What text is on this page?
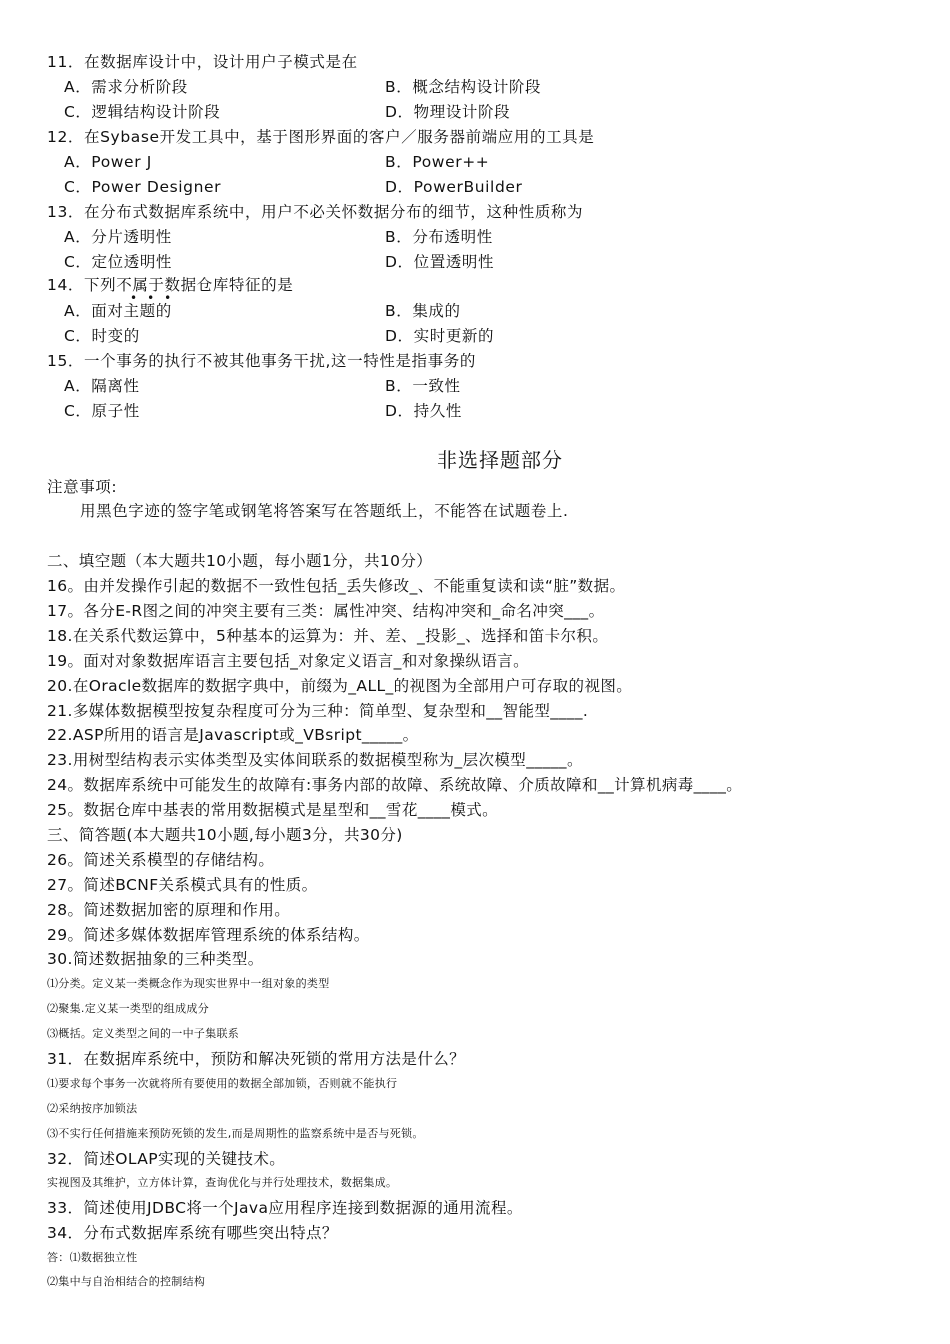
11．在数据库设计中，设计用户子模式是在
A．需求分析阶段	B．概念结构设计阶段
C．逻辑结构设计阶段	D．物理设计阶段
12．在Sybase开发工具中，基于图形界面的客户／服务器前端应用的工具是
A．Power J	B．Power++
C．Power Designer	D．PowerBuilder
13．在分布式数据库系统中，用户不必关怀数据分布的细节，这种性质称为
A．分片透明性	B．分布透明性
C．定位透明性	D．位置透明性
14．下列不属于数据仓库特征的是
•••
A．面对主题的	B．集成的
C．时变的	D．实时更新的
15．一个事务的执行不被其他事务干扰,这一特性是指事务的
A．隔离性	B．一致性
C．原子性	D．持久性
非选择题部分
注意事项:
用黑色字迹的签字笔或钢笔将答案写在答题纸上，不能答在试题卷上.
二、填空题（本大题共10小题，每小题1分，共10分）
16。由并发操作引起的数据不一致性包括_丢失修改_、不能重复读和读“脏”数据。
17。各分E-R图之间的冲突主要有三类：属性冲突、结构冲突和_命名冲突___。
18.在关系代数运算中，5种基本的运算为：并、差、_投影_、选择和笛卡尔积。
19。面对对象数据库语言主要包括_对象定义语言_和对象操纵语言。
20.在Oracle数据库的数据字典中，前缀为_ALL_的视图为全部用户可存取的视图。
21.多媒体数据模型按复杂程度可分为三种：简单型、复杂型和__智能型____.
22.ASP所用的语言是Javascript或_VBsript_____。
23.用树型结构表示实体类型及实体间联系的数据模型称为_层次模型_____。
24。数据库系统中可能发生的故障有:事务内部的故障、系统故障、介质故障和__计算机病毒____。
25。数据仓库中基表的常用数据模式是星型和__雪花____模式。
三、简答题(本大题共10小题,每小题3分，共30分)
26。简述关系模型的存储结构。
27。简述BCNF关系模式具有的性质。
28。简述数据加密的原理和作用。
29。简述多媒体数据库管理系统的体系结构。
30.简述数据抽象的三种类型。
⑴分类。定义某一类概念作为现实世界中一组对象的类型
⑵聚集.定义某一类型的组成成分
⑶概括。定义类型之间的一中子集联系
31．在数据库系统中，预防和解决死锁的常用方法是什么？
⑴要求每个事务一次就将所有要使用的数据全部加锁，否则就不能执行
⑵采纳按序加锁法
⑶不实行任何措施来预防死锁的发生,而是周期性的监察系统中是否与死锁。
32．简述OLAP实现的关键技术。
实视图及其维护，立方体计算，查询优化与并行处理技术，数据集成。
33．简述使用JDBC将一个Java应用程序连接到数据源的通用流程。
34．分布式数据库系统有哪些突出特点？
答：⑴数据独立性
⑵集中与自治相结合的控制结构
